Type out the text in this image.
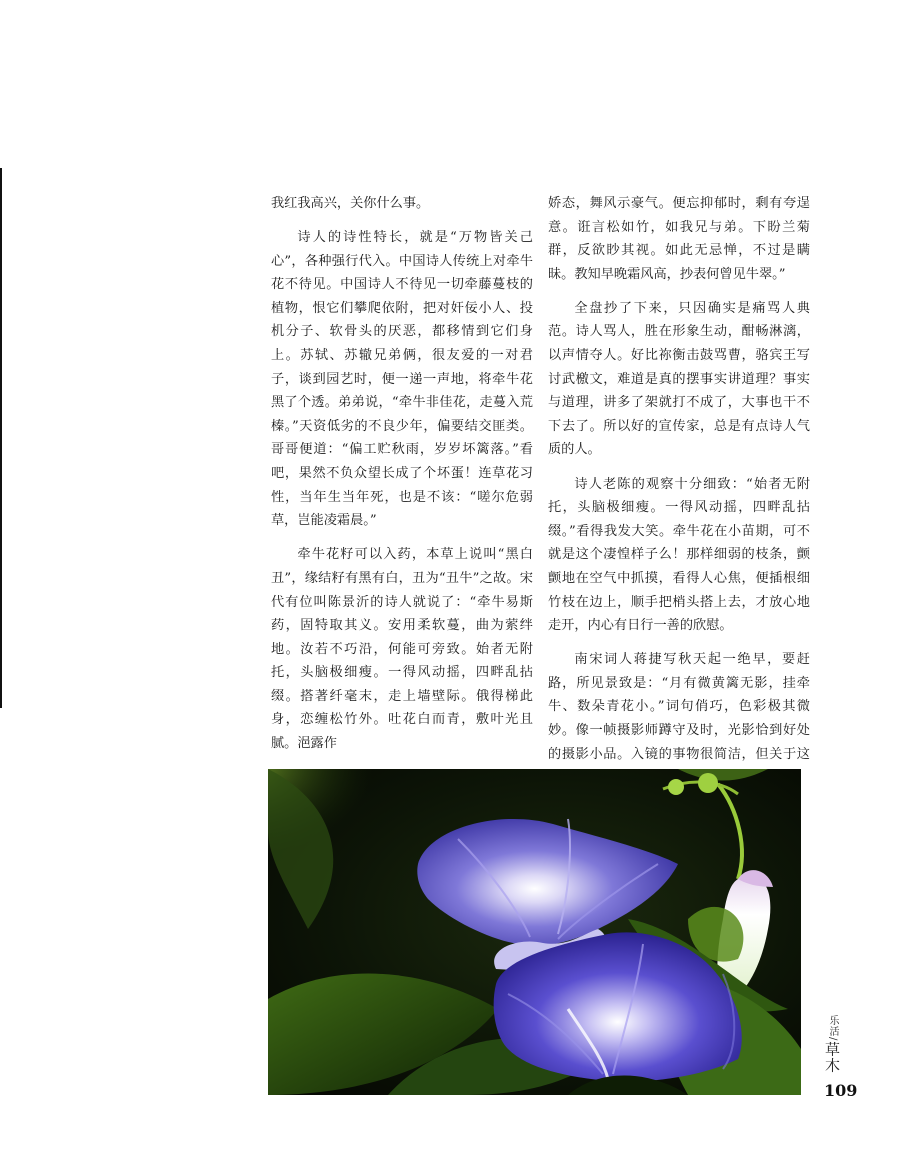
我红我高兴，关你什么事。

诗人的诗性特长，就是“万物皆关己心”，各种强行代入。中国诗人传统上对牵牛花不待见。中国诗人不待见一切牵藤蔓枝的植物，恨它们攀爬依附，把对奸佞小人、投机分子、软骨头的厌恶，都移情到它们身上。苏轼、苏辙兄弟俩，很友爱的一对君子，谈到园艺时，便一递一声地，将牵牛花黑了个透。弟弟说，“牵牛非佳花，走蔓入荒榛。”天资低劣的不良少年，偏要结交匪类。哥哥便道：“偏工贮秋雨，岁岁坏篱落。”看吧，果然不负众望长成了个坏蛋！连草花习性，当年生当年死，也是不该：“嗟尔危弱草，岂能凌霜晨。”

牵牛花籽可以入药，本草上说叫“黑白丑”，缘结籽有黑有白，丑为“丑牛”之故。宋代有位叫陈景沂的诗人就说了：“牵牛易斯药，固特取其义。安用柔软蔓，曲为萦绊地。汝若不巧沿，何能可旁致。始者无附托，头脑极细瘦。一得风动摇，四畔乱拈缀。搭著纤毫末，走上墙壁际。俄得梯此身，恋缠松竹外。吐花白而青，敷叶光且腻。浥露作

娇态，舞风示豪气。便忘抑郁时，剩有夸逞意。诳言松如竹，如我兄与弟。下盼兰菊群，反欲眇其视。如此无忌惮，不过是瞒昧。教知早晚霜风高，抄表何曾见牛翠。”

全盘抄了下来，只因确实是痛骂人典范。诗人骂人，胜在形象生动，酣畅淋漓，以声情夺人。好比祢衡击鼓骂曹，骆宾王写讨武檄文，难道是真的摆事实讲道理？事实与道理，讲多了架就打不成了，大事也干不下去了。所以好的宣传家，总是有点诗人气质的人。

诗人老陈的观察十分细致：“始者无附托，头脑极细瘦。一得风动摇，四畔乱拈缀。”看得我发大笑。牵牛花在小苗期，可不就是这个凄惶样子么！那样细弱的枝条，颤颤地在空气中抓摸，看得人心焦，便插根细竹枝在边上，顺手把梢头搭上去，才放心地走开，内心有日行一善的欣慰。

南宋词人蒋捷写秋天起一绝早，要赶路，所见景致是：“月有微黄篱无影，挂牵牛、数朵青花小。”词句俏巧，色彩极其微妙。像一帧摄影师蹲守及时，光影恰到好处的摄影小品。入镜的事物很简洁，但关于这

乐活/草木
109
